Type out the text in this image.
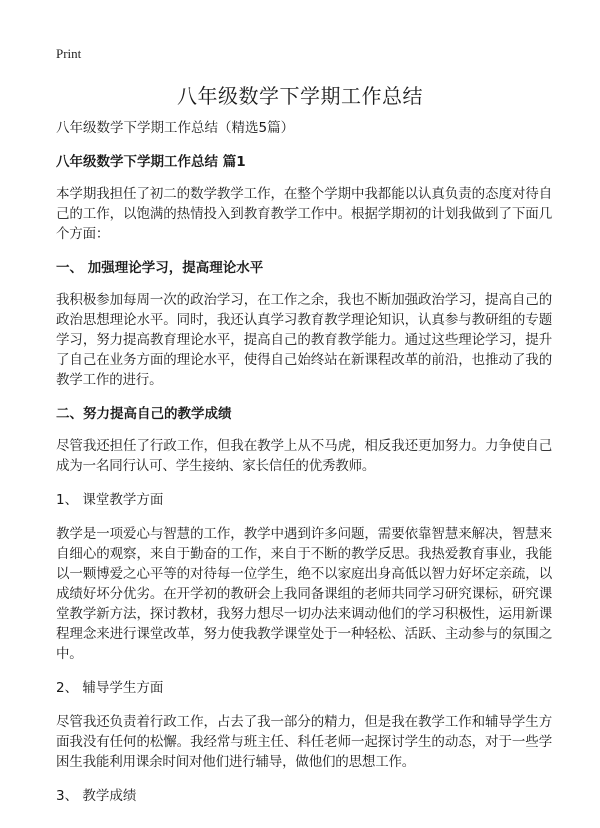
Print
八年级数学下学期工作总结

八年级数学下学期工作总结（精选5篇）

八年级数学下学期工作总结 篇1

本学期我担任了初二的数学教学工作，在整个学期中我都能以认真负责的态度对待自己的工作，以饱满的热情投入到教育教学工作中。根据学期初的计划我做到了下面几个方面：

一、 加强理论学习，提高理论水平

我积极参加每周一次的政治学习，在工作之余，我也不断加强政治学习，提高自己的政治思想理论水平。同时，我还认真学习教育教学理论知识，认真参与教研组的专题学习，努力提高教育理论水平，提高自己的教育教学能力。通过这些理论学习，提升了自己在业务方面的理论水平，使得自己始终站在新课程改革的前沿，也推动了我的教学工作的进行。

二、努力提高自己的教学成绩

尽管我还担任了行政工作，但我在教学上从不马虎，相反我还更加努力。力争使自己成为一名同行认可、学生接纳、家长信任的优秀教师。

1、 课堂教学方面

教学是一项爱心与智慧的工作，教学中遇到许多问题，需要依靠智慧来解决，智慧来自细心的观察，来自于勤奋的工作，来自于不断的教学反思。我热爱教育事业，我能以一颗博爱之心平等的对待每一位学生，绝不以家庭出身高低以智力好坏定亲疏，以成绩好坏分优劣。在开学初的教研会上我同备课组的老师共同学习研究课标，研究课堂教学新方法，探讨教材，我努力想尽一切办法来调动他们的学习积极性，运用新课程理念来进行课堂改革，努力使我教学课堂处于一种轻松、活跃、主动参与的氛围之中。

2、 辅导学生方面

尽管我还负责着行政工作，占去了我一部分的精力，但是我在教学工作和辅导学生方面我没有任何的松懈。我经常与班主任、科任老师一起探讨学生的动态，对于一些学困生我能利用课余时间对他们进行辅导，做他们的思想工作。

3、 教学成绩
